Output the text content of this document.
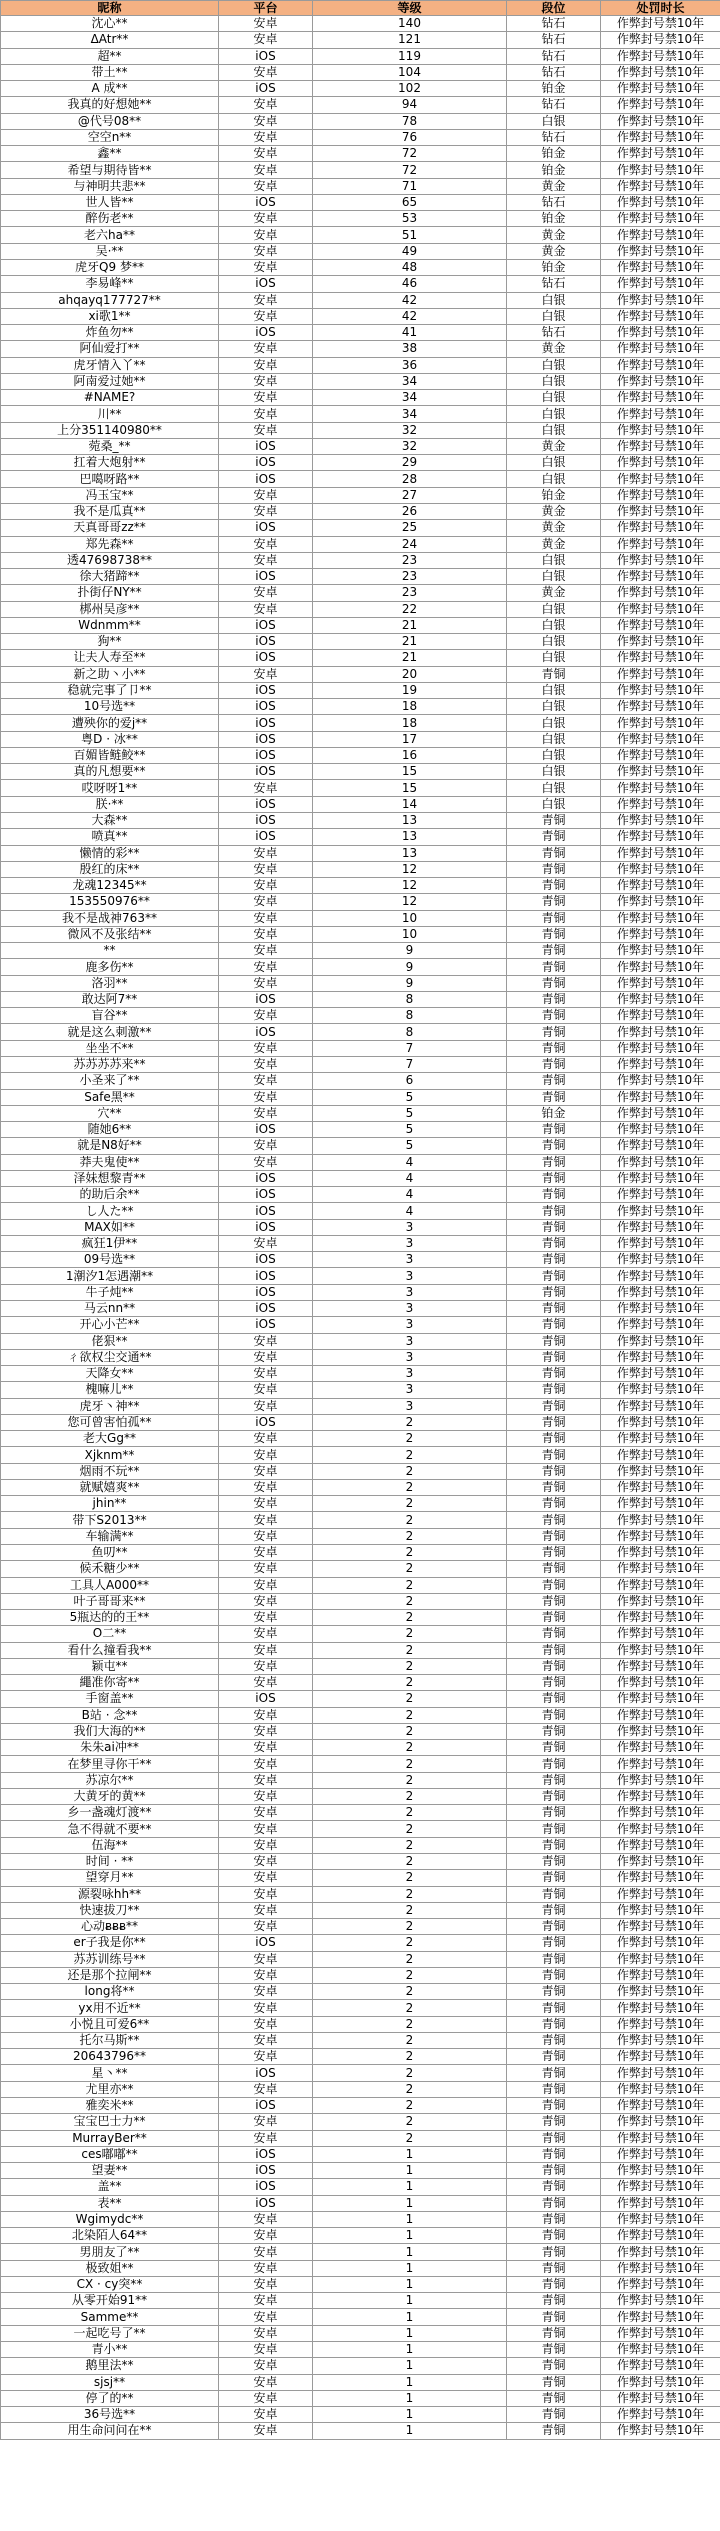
昵称	平台	等级	段位	处罚时长
沈心**	安卓	140	钻石	作弊封号禁10年
ΔAtr**	安卓	121	钻石	作弊封号禁10年
超**	iOS	119	钻石	作弊封号禁10年
带土**	安卓	104	钻石	作弊封号禁10年
A 成**	iOS	102	铂金	作弊封号禁10年
我真的好想她**	安卓	94	钻石	作弊封号禁10年
@代号08**	安卓	78	白银	作弊封号禁10年
空空n**	安卓	76	钻石	作弊封号禁10年
鑫**	安卓	72	铂金	作弊封号禁10年
希望与期待皆**	安卓	72	铂金	作弊封号禁10年
与神明共悲**	安卓	71	黄金	作弊封号禁10年
世人皆**	iOS	65	钻石	作弊封号禁10年
醉伤老**	安卓	53	铂金	作弊封号禁10年
老六ha**	安卓	51	黄金	作弊封号禁10年
吴·**	安卓	49	黄金	作弊封号禁10年
虎牙Q9 梦**	安卓	48	铂金	作弊封号禁10年
李易峰**	iOS	46	钻石	作弊封号禁10年
ahqayq177727**	安卓	42	白银	作弊封号禁10年
xi歌1**	安卓	42	白银	作弊封号禁10年
炸鱼勿**	iOS	41	钻石	作弊封号禁10年
阿仙爱打**	安卓	38	黄金	作弊封号禁10年
虎牙情入丫**	安卓	36	白银	作弊封号禁10年
阿南爱过她**	安卓	34	白银	作弊封号禁10年
#NAME?	安卓	34	白银	作弊封号禁10年
川**	安卓	34	白银	作弊封号禁10年
上分351140980**	安卓	32	白银	作弊封号禁10年
菀桑_**	iOS	32	黄金	作弊封号禁10年
扛着大炮射**	iOS	29	白银	作弊封号禁10年
巴噶呀路**	iOS	28	白银	作弊封号禁10年
冯玉宝**	安卓	27	铂金	作弊封号禁10年
我不是瓜真**	安卓	26	黄金	作弊封号禁10年
天真哥哥zz**	iOS	25	黄金	作弊封号禁10年
郑先森**	安卓	24	黄金	作弊封号禁10年
透47698738**	安卓	23	白银	作弊封号禁10年
徐大猪蹄**	iOS	23	白银	作弊封号禁10年
扑街仔NY**	安卓	23	黄金	作弊封号禁10年
梆州吴彦**	安卓	22	白银	作弊封号禁10年
Wdnmm**	iOS	21	白银	作弊封号禁10年
狗**	iOS	21	白银	作弊封号禁10年
让夫人寿至**	iOS	21	白银	作弊封号禁10年
新之助丶小**	安卓	20	青铜	作弊封号禁10年
稳就完事了卩**	iOS	19	白银	作弊封号禁10年
10号选**	iOS	18	白银	作弊封号禁10年
遭殃你的爱j**	iOS	18	白银	作弊封号禁10年
粤D · 冰**	iOS	17	白银	作弊封号禁10年
百媚皆鲢鲛**	iOS	16	白银	作弊封号禁10年
真的凡想要**	iOS	15	白银	作弊封号禁10年
哎呀呀1**	安卓	15	白银	作弊封号禁10年
朕·**	iOS	14	白银	作弊封号禁10年
大森**	iOS	13	青铜	作弊封号禁10年
喷真**	iOS	13	青铜	作弊封号禁10年
懒情的彩**	安卓	13	青铜	作弊封号禁10年
殷红的床**	安卓	12	青铜	作弊封号禁10年
龙魂12345**	安卓	12	青铜	作弊封号禁10年
153550976**	安卓	12	青铜	作弊封号禁10年
我不是战神763**	安卓	10	青铜	作弊封号禁10年
微风不及张结**	安卓	10	青铜	作弊封号禁10年
**	安卓	9	青铜	作弊封号禁10年
鹿多伤**	安卓	9	青铜	作弊封号禁10年
洛羽**	安卓	9	青铜	作弊封号禁10年
敢达阿7**	iOS	8	青铜	作弊封号禁10年
盲谷**	安卓	8	青铜	作弊封号禁10年
就是这么刺激**	iOS	8	青铜	作弊封号禁10年
坐坐不**	安卓	7	青铜	作弊封号禁10年
苏苏苏苏来**	安卓	7	青铜	作弊封号禁10年
小圣来了**	安卓	6	青铜	作弊封号禁10年
Safe黑**	安卓	5	青铜	作弊封号禁10年
穴**	安卓	5	铂金	作弊封号禁10年
随她6**	iOS	5	青铜	作弊封号禁10年
就是N8好**	安卓	5	青铜	作弊封号禁10年
莽夫鬼使**	安卓	4	青铜	作弊封号禁10年
泽妹想黎青**	iOS	4	青铜	作弊封号禁10年
的助后余**	iOS	4	青铜	作弊封号禁10年
し人た**	iOS	4	青铜	作弊封号禁10年
MAX如**	iOS	3	青铜	作弊封号禁10年
疯狂1伊**	安卓	3	青铜	作弊封号禁10年
09号选**	iOS	3	青铜	作弊封号禁10年
1潮汐1怎遇潮**	iOS	3	青铜	作弊封号禁10年
牛子炖**	iOS	3	青铜	作弊封号禁10年
马云nn**	iOS	3	青铜	作弊封号禁10年
开心小芒**	iOS	3	青铜	作弊封号禁10年
佬狠**	安卓	3	青铜	作弊封号禁10年
ㄔ欲权尘交通**	安卓	3	青铜	作弊封号禁10年
天降女**	安卓	3	青铜	作弊封号禁10年
槐嘛儿**	安卓	3	青铜	作弊封号禁10年
虎牙丶神**	安卓	3	青铜	作弊封号禁10年
您可曾害怕孤**	iOS	2	青铜	作弊封号禁10年
老大Gg**	安卓	2	青铜	作弊封号禁10年
Xjknm**	安卓	2	青铜	作弊封号禁10年
烟雨不玩**	安卓	2	青铜	作弊封号禁10年
就赋嬉爽**	安卓	2	青铜	作弊封号禁10年
jhin**	安卓	2	青铜	作弊封号禁10年
带下S2013**	安卓	2	青铜	作弊封号禁10年
车输满**	安卓	2	青铜	作弊封号禁10年
鱼叨**	安卓	2	青铜	作弊封号禁10年
候禾糖少**	安卓	2	青铜	作弊封号禁10年
工具人A000**	安卓	2	青铜	作弊封号禁10年
叶子哥哥来**	安卓	2	青铜	作弊封号禁10年
5瓶达的的王**	安卓	2	青铜	作弊封号禁10年
O二**	安卓	2	青铜	作弊封号禁10年
看什么撞看我**	安卓	2	青铜	作弊封号禁10年
颖屯**	安卓	2	青铜	作弊封号禁10年
繩准你寄**	安卓	2	青铜	作弊封号禁10年
手窗盖**	iOS	2	青铜	作弊封号禁10年
B站 · 念**	安卓	2	青铜	作弊封号禁10年
我们大海的**	安卓	2	青铜	作弊封号禁10年
朱朱ai冲**	安卓	2	青铜	作弊封号禁10年
在梦里寻你干**	安卓	2	青铜	作弊封号禁10年
苏凉尔**	安卓	2	青铜	作弊封号禁10年
大黄牙的黄**	安卓	2	青铜	作弊封号禁10年
乡一盏魂灯渡**	安卓	2	青铜	作弊封号禁10年
急不得就不要**	安卓	2	青铜	作弊封号禁10年
伍海**	安卓	2	青铜	作弊封号禁10年
时间 · **	安卓	2	青铜	作弊封号禁10年
望穿月**	安卓	2	青铜	作弊封号禁10年
源裂咏hh**	安卓	2	青铜	作弊封号禁10年
快速拔刀**	安卓	2	青铜	作弊封号禁10年
心动ᴃᴃᴃ**	安卓	2	青铜	作弊封号禁10年
er子我是你**	iOS	2	青铜	作弊封号禁10年
苏苏训练号**	安卓	2	青铜	作弊封号禁10年
还是那个拉闸**	安卓	2	青铜	作弊封号禁10年
long将**	安卓	2	青铜	作弊封号禁10年
yx用不近**	安卓	2	青铜	作弊封号禁10年
小悦且可爱6**	安卓	2	青铜	作弊封号禁10年
托尔马斯**	安卓	2	青铜	作弊封号禁10年
20643796**	安卓	2	青铜	作弊封号禁10年
星丶**	iOS	2	青铜	作弊封号禁10年
尤里亦**	安卓	2	青铜	作弊封号禁10年
雅奕米**	iOS	2	青铜	作弊封号禁10年
宝宝巴士力**	安卓	2	青铜	作弊封号禁10年
MurrayBer**	安卓	2	青铜	作弊封号禁10年
ces嘟嘟**	iOS	1	青铜	作弊封号禁10年
望妻**	iOS	1	青铜	作弊封号禁10年
盖**	iOS	1	青铜	作弊封号禁10年
表**	iOS	1	青铜	作弊封号禁10年
Wgimydc**	安卓	1	青铜	作弊封号禁10年
北染陌人64**	安卓	1	青铜	作弊封号禁10年
男朋友了**	安卓	1	青铜	作弊封号禁10年
极致姐**	安卓	1	青铜	作弊封号禁10年
CX · cy突**	安卓	1	青铜	作弊封号禁10年
从零开始91**	安卓	1	青铜	作弊封号禁10年
Samme**	安卓	1	青铜	作弊封号禁10年
一起吃号了**	安卓	1	青铜	作弊封号禁10年
青小**	安卓	1	青铜	作弊封号禁10年
鹅里法**	安卓	1	青铜	作弊封号禁10年
sjsj**	安卓	1	青铜	作弊封号禁10年
停了的**	安卓	1	青铜	作弊封号禁10年
36号选**	安卓	1	青铜	作弊封号禁10年
用生命问问在**	安卓	1	青铜	作弊封号禁10年
